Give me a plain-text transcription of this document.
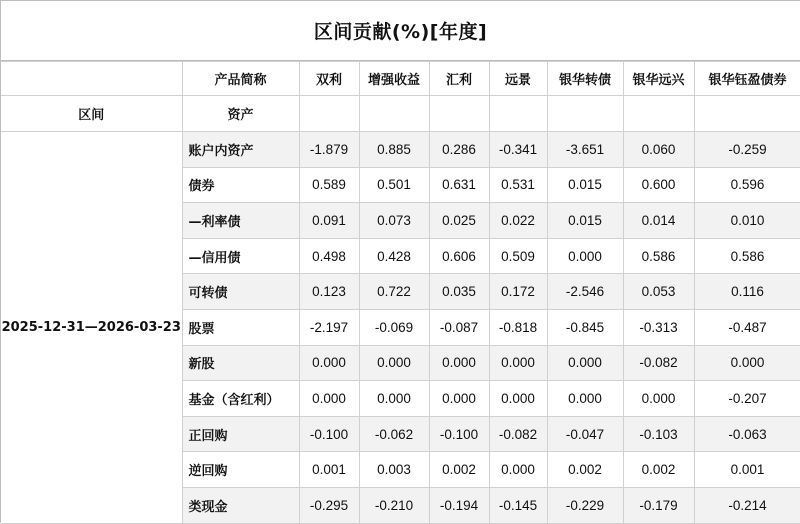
区间贡献(%)[年度]
	产品简称	双利	增强收益	汇利	远景	银华转债	银华远兴	银华钰盈债券
区间	资产							
2025-12-31—2026-03-23	账户内资产	-1.879	0.885	0.286	-0.341	-3.651	0.060	-0.259
	债券	0.589	0.501	0.631	0.531	0.015	0.600	0.596
	—利率债	0.091	0.073	0.025	0.022	0.015	0.014	0.010
	—信用债	0.498	0.428	0.606	0.509	0.000	0.586	0.586
	可转债	0.123	0.722	0.035	0.172	-2.546	0.053	0.116
	股票	-2.197	-0.069	-0.087	-0.818	-0.845	-0.313	-0.487
	新股	0.000	0.000	0.000	0.000	0.000	-0.082	0.000
	基金（含红利）	0.000	0.000	0.000	0.000	0.000	0.000	-0.207
	正回购	-0.100	-0.062	-0.100	-0.082	-0.047	-0.103	-0.063
	逆回购	0.001	0.003	0.002	0.000	0.002	0.002	0.001
	类现金	-0.295	-0.210	-0.194	-0.145	-0.229	-0.179	-0.214
